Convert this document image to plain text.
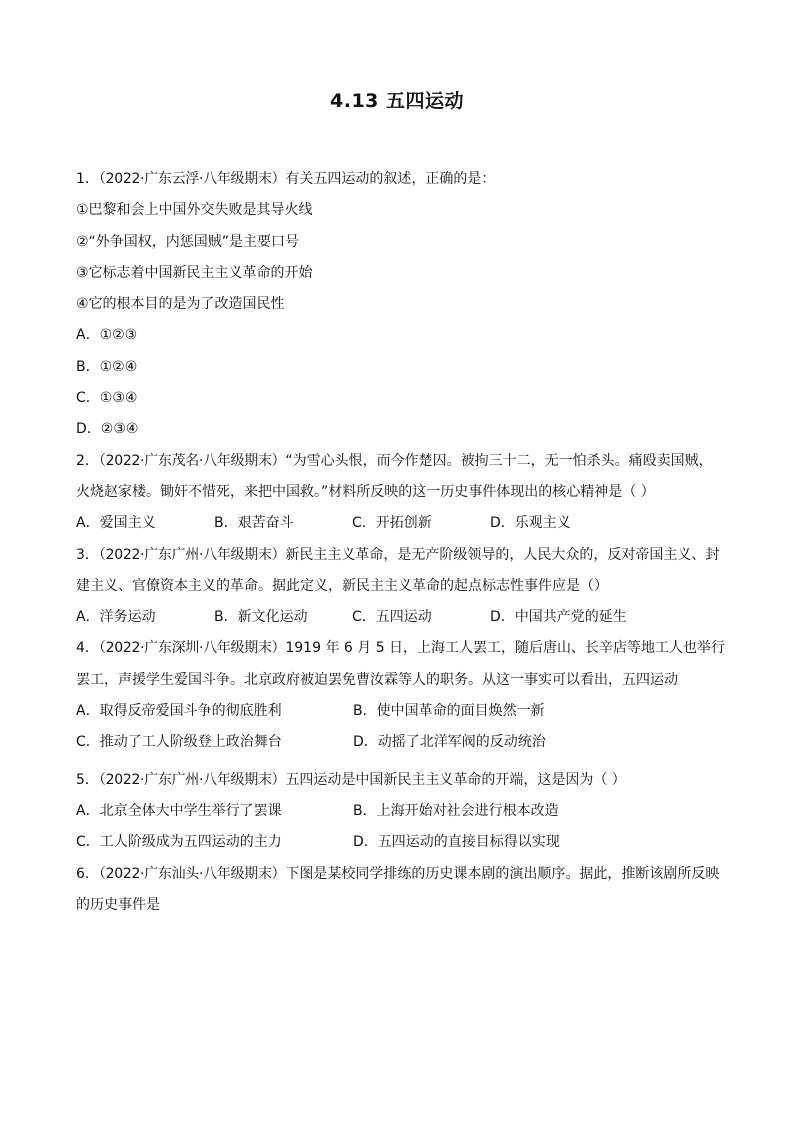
4.13 五四运动
1．（2022·广东云浮·八年级期末）有关五四运动的叙述，正确的是：
①巴黎和会上中国外交失败是其导火线
②“外争国权，内惩国贼”是主要口号
③它标志着中国新民主主义革命的开始
④它的根本目的是为了改造国民性
A．①②③
B．①②④
C．①③④
D．②③④
2．（2022·广东茂名·八年级期末）“为雪心头恨，而今作楚囚。被拘三十二，无一怕杀头。痛殴卖国贼，
火烧赵家楼。锄奸不惜死，来把中国救。”材料所反映的这一历史事件体现出的核心精神是（ ）
A．爱国主义	B．艰苦奋斗	C．开拓创新	D．乐观主义
3．（2022·广东广州·八年级期末）新民主主义革命，是无产阶级领导的，人民大众的，反对帝国主义、封
建主义、官僚资本主义的革命。据此定义，新民主主义革命的起点标志性事件应是（）
A．洋务运动	B．新文化运动	C．五四运动	D．中国共产党的延生
4．（2022·广东深圳·八年级期末）1919 年 6 月 5 日，上海工人罢工，随后唐山、长辛店等地工人也举行
罢工，声援学生爱国斗争。北京政府被迫罢免曹汝霖等人的职务。从这一事实可以看出，五四运动
A．取得反帝爱国斗争的彻底胜利	B．使中国革命的面目焕然一新
C．推动了工人阶级登上政治舞台	D．动摇了北洋军阀的反动统治
5．（2022·广东广州·八年级期末）五四运动是中国新民主主义革命的开端，这是因为（ ）
A．北京全体大中学生举行了罢课	B．上海开始对社会进行根本改造
C．工人阶级成为五四运动的主力	D．五四运动的直接目标得以实现
6．（2022·广东汕头·八年级期末）下图是某校同学排练的历史课本剧的演出顺序。据此，推断该剧所反映
的历史事件是
